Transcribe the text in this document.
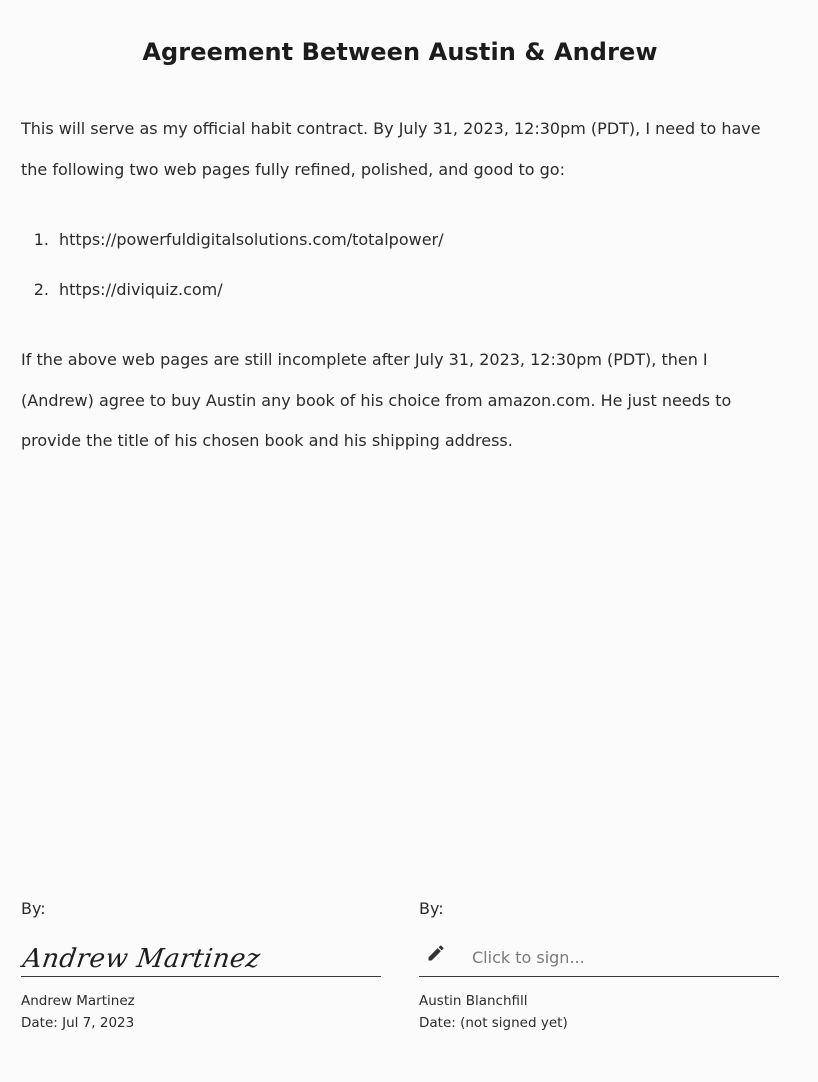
Agreement Between Austin & Andrew
This will serve as my official habit contract. By July 31, 2023, 12:30pm (PDT), I need to have the following two web pages fully refined, polished, and good to go:
1. https://powerfuldigitalsolutions.com/totalpower/
2. https://diviquiz.com/
If the above web pages are still incomplete after July 31, 2023, 12:30pm (PDT), then I (Andrew) agree to buy Austin any book of his choice from amazon.com. He just needs to provide the title of his chosen book and his shipping address.
By:
Andrew Martinez
Andrew Martinez
Date: Jul 7, 2023
By:
Click to sign...
Austin Blanchfill
Date: (not signed yet)
